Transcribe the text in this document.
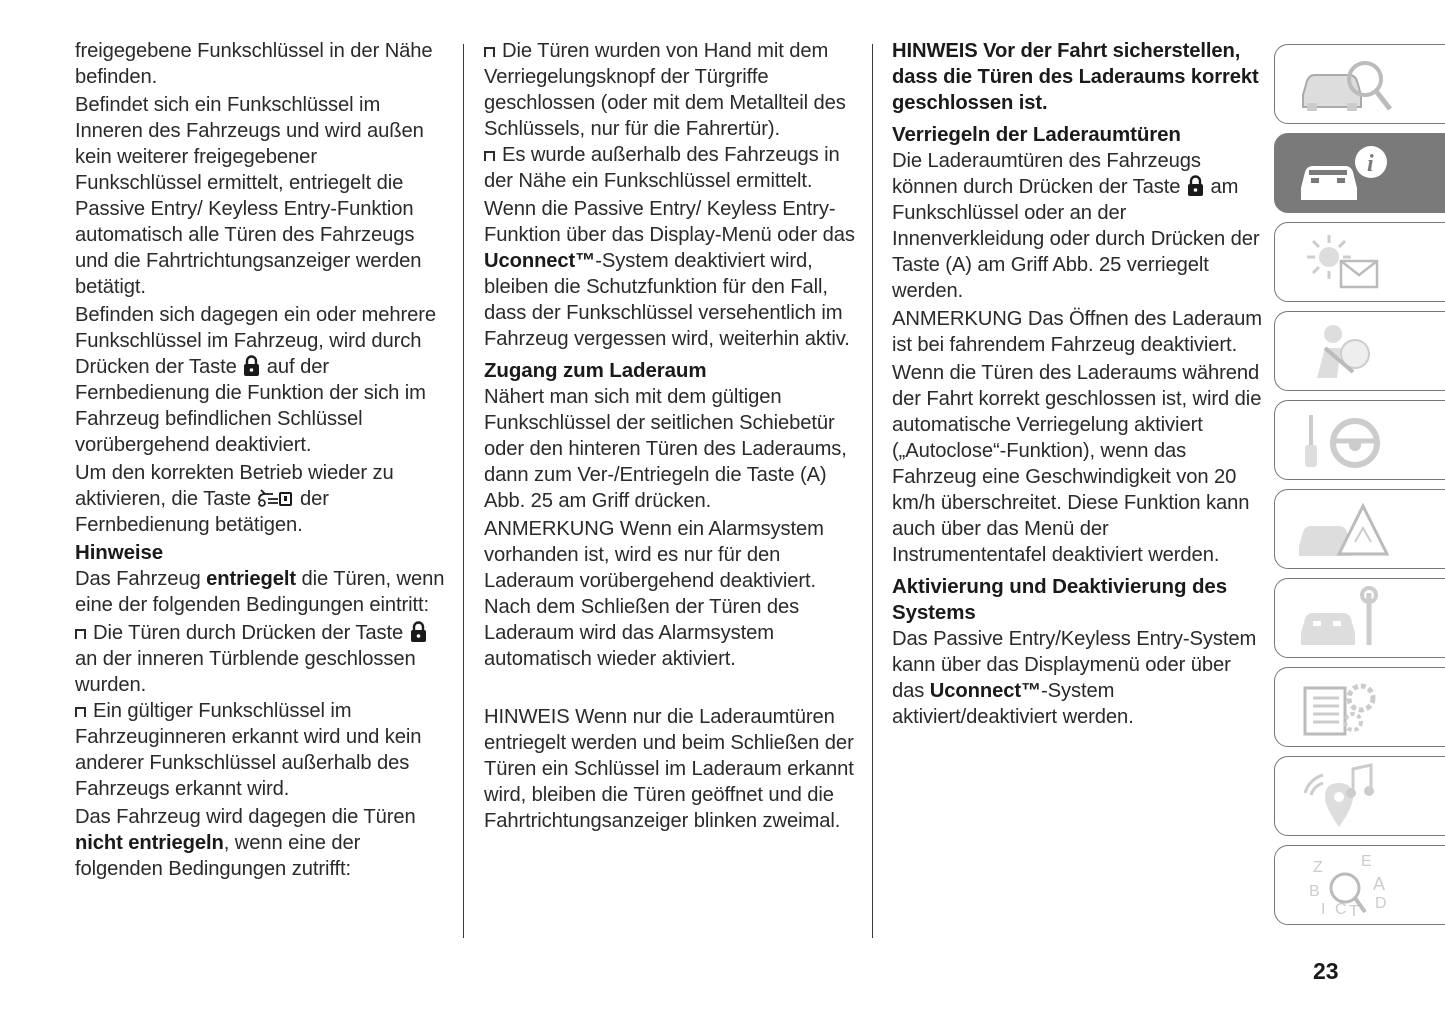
freigegebene Funkschlüssel in der Nähe befinden.

Befindet sich ein Funkschlüssel im Inneren des Fahrzeugs und wird außen kein weiterer freigegebener Funkschlüssel ermittelt, entriegelt die Passive Entry/ Keyless Entry-Funktion automatisch alle Türen des Fahrzeugs und die Fahrtrichtungsanzeiger werden betätigt.

Befinden sich dagegen ein oder mehrere Funkschlüssel im Fahrzeug, wird durch Drücken der Taste auf der Fernbedienung die Funktion der sich im Fahrzeug befindlichen Schlüssel vorübergehend deaktiviert.

Um den korrekten Betrieb wieder zu aktivieren, die Taste der Fernbedienung betätigen.

Hinweise

Das Fahrzeug entriegelt die Türen, wenn eine der folgenden Bedingungen eintritt:

Die Türen durch Drücken der Taste  an der inneren Türblende geschlossen wurden.

Ein gültiger Funkschlüssel im Fahrzeuginneren erkannt wird und kein anderer Funkschlüssel außerhalb des Fahrzeugs erkannt wird.

Das Fahrzeug wird dagegen die Türen nicht entriegeln, wenn eine der folgenden Bedingungen zutrifft:

Die Türen wurden von Hand mit dem Verriegelungsknopf der Türgriffe geschlossen (oder mit dem Metallteil des Schlüssels, nur für die Fahrertür).

Es wurde außerhalb des Fahrzeugs in der Nähe ein Funkschlüssel ermittelt.

Wenn die Passive Entry/ Keyless Entry-Funktion über das Display-Menü oder das Uconnect™-System deaktiviert wird, bleiben die Schutzfunktion für den Fall, dass der Funkschlüssel versehentlich im Fahrzeug vergessen wird, weiterhin aktiv.

Zugang zum Laderaum

Nähert man sich mit dem gültigen Funkschlüssel der seitlichen Schiebetür oder den hinteren Türen des Laderaums, dann zum Ver-/Entriegeln die Taste (A) Abb. 25 am Griff drücken.

ANMERKUNG Wenn ein Alarmsystem vorhanden ist, wird es nur für den Laderaum vorübergehend deaktiviert. Nach dem Schließen der Türen des Laderaum wird das Alarmsystem automatisch wieder aktiviert.

HINWEIS Wenn nur die Laderaumtüren entriegelt werden und beim Schließen der Türen ein Schlüssel im Laderaum erkannt wird, bleiben die Türen geöffnet und die Fahrtrichtungsanzeiger blinken zweimal.

HINWEIS Vor der Fahrt sicherstellen, dass die Türen des Laderaums korrekt geschlossen ist.

Verriegeln der Laderaumtüren

Die Laderaumtüren des Fahrzeugs können durch Drücken der Taste am Funkschlüssel oder an der Innenverkleidung oder durch Drücken der Taste (A) am Griff Abb. 25 verriegelt werden.

ANMERKUNG Das Öffnen des Laderaum ist bei fahrendem Fahrzeug deaktiviert.

Wenn die Türen des Laderaums während der Fahrt korrekt geschlossen ist, wird die automatische Verriegelung aktiviert („Autoclose“-Funktion), wenn das Fahrzeug eine Geschwindigkeit von 20 km/h überschreitet. Diese Funktion kann auch über das Menü der Instrumententafel deaktiviert werden.

Aktivierung und Deaktivierung des Systems

Das Passive Entry/Keyless Entry-System kann über das Displaymenü oder über das Uconnect™-System aktiviert/deaktiviert werden.

i
Z E
B	A
I C T D
23
